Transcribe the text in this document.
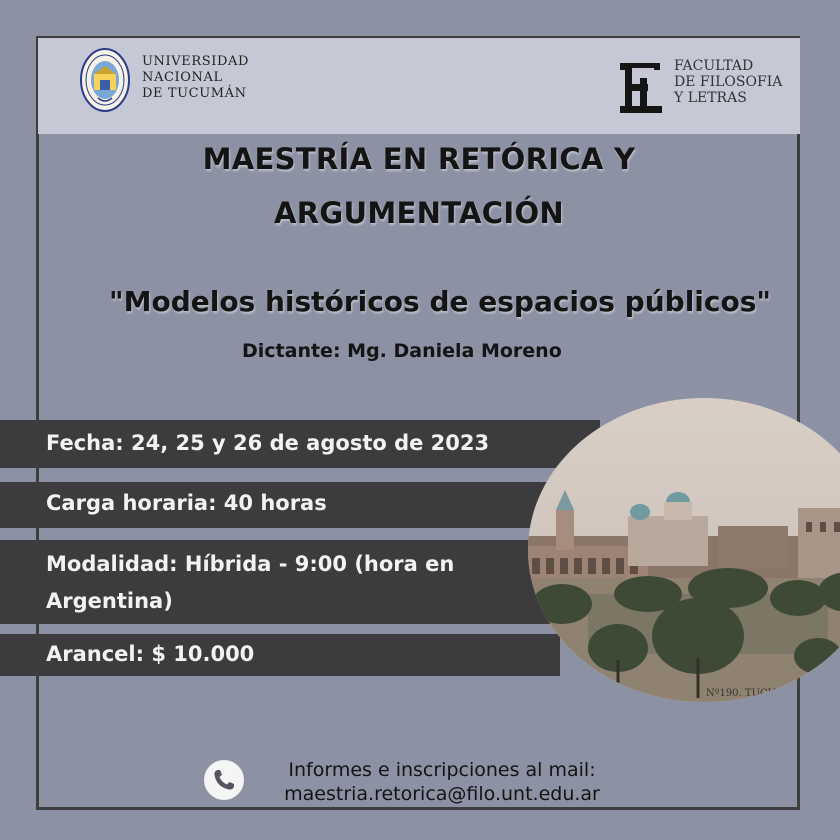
UNIVERSIDAD
NACIONAL
DE TUCUMÁN
FACULTAD
DE FILOSOFIA
Y LETRAS
MAESTRÍA EN RETÓRICA Y
ARGUMENTACIÓN
"Modelos históricos de espacios públicos"
Dictante: Mg. Daniela Moreno
Fecha: 24, 25 y 26 de agosto de 2023
Carga horaria: 40 horas
Modalidad: Híbrida - 9:00 (hora en
Argentina)
Arancel: $ 10.000
Nº190. TUCUMAN -
Informes e inscripciones al mail:
maestria.retorica@filo.unt.edu.ar
